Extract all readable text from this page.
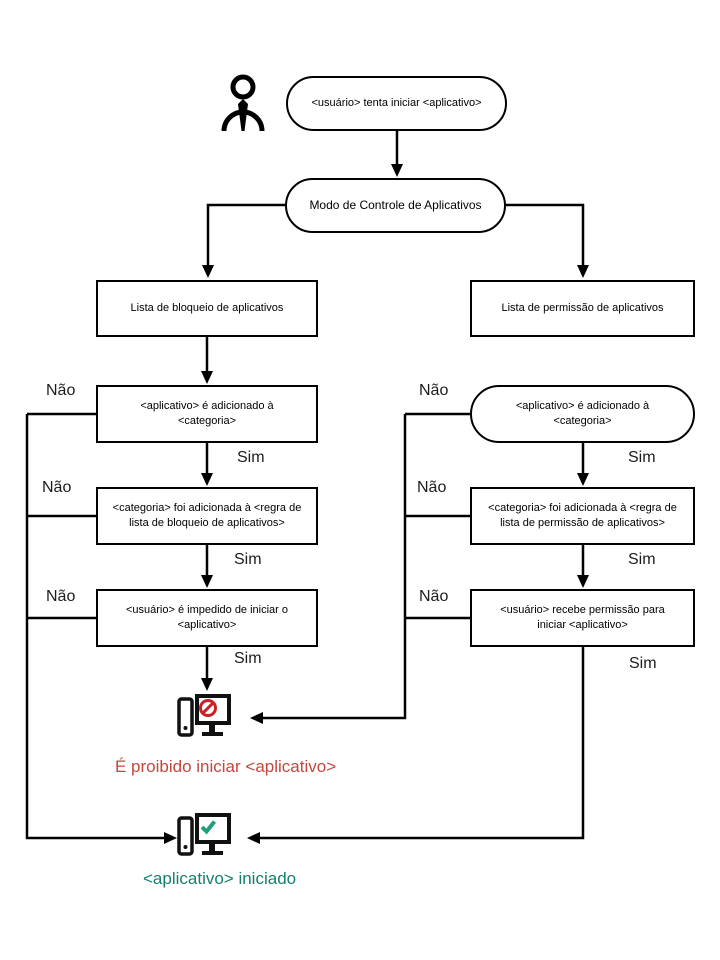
<usuário> tenta iniciar <aplicativo>
Modo de Controle de Aplicativos
Lista de bloqueio de aplicativos	Lista de permissão de aplicativos
<aplicativo> é adicionado à <categoria>
<aplicativo> é adicionado à <categoria>
<categoria> foi adicionada à <regra de lista de bloqueio de aplicativos>
<categoria> foi adicionada à <regra de lista de permissão de aplicativos>
<usuário> é impedido de iniciar o <aplicativo>
<usuário> recebe permissão para iniciar <aplicativo>
Não
Não
Não
Não
Não
Não
Sim
Sim
Sim
Sim
Sim
Sim
É proibido iniciar <aplicativo>
<aplicativo> iniciado
